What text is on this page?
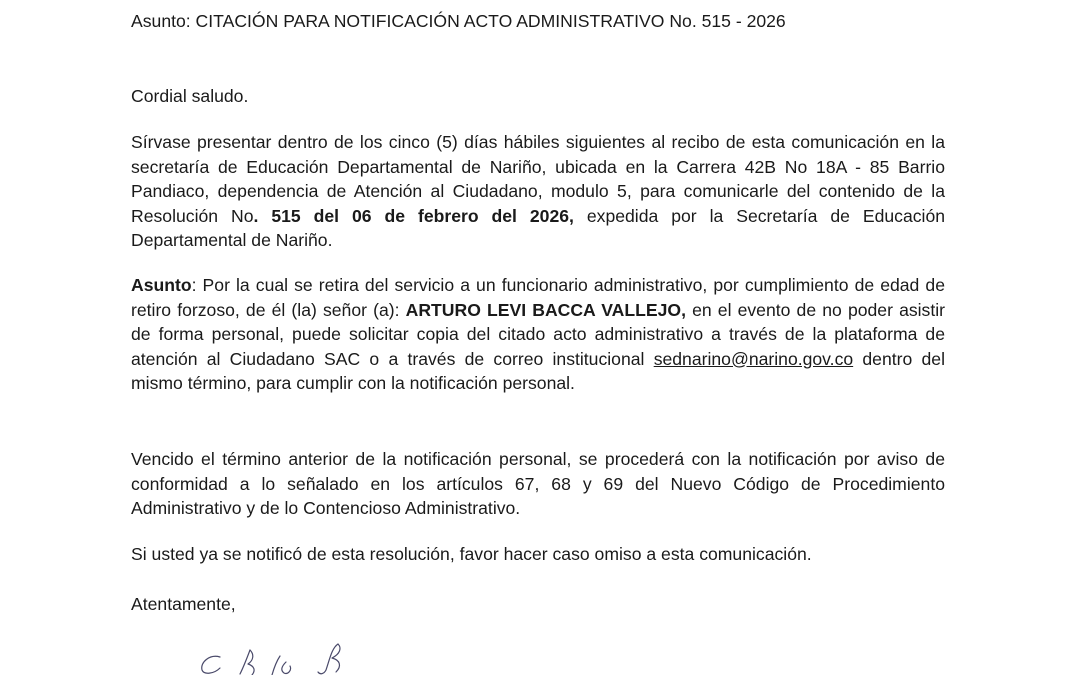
Asunto: CITACIÓN PARA NOTIFICACIÓN ACTO ADMINISTRATIVO No. 515 - 2026
Cordial saludo.

Sírvase presentar dentro de los cinco (5) días hábiles siguientes al recibo de esta comunicación en la secretaría de Educación Departamental de Nariño, ubicada en la Carrera 42B No 18A - 85 Barrio Pandiaco, dependencia de Atención al Ciudadano, modulo 5, para comunicarle del contenido de la Resolución No. 515 del 06 de febrero del 2026, expedida por la Secretaría de Educación Departamental de Nariño.

Asunto: Por la cual se retira del servicio a un funcionario administrativo, por cumplimiento de edad de retiro forzoso, de él (la) señor (a): ARTURO LEVI BACCA VALLEJO, en el evento de no poder asistir de forma personal, puede solicitar copia del citado acto administrativo a través de la plataforma de atención al Ciudadano SAC o a través de correo institucional sednarino@narino.gov.co dentro del mismo término, para cumplir con la notificación personal.

Vencido el término anterior de la notificación personal, se procederá con la notificación por aviso de conformidad a lo señalado en los artículos 67, 68 y 69 del Nuevo Código de Procedimiento Administrativo y de lo Contencioso Administrativo.

Si usted ya se notificó de esta resolución, favor hacer caso omiso a esta comunicación.

Atentamente,
